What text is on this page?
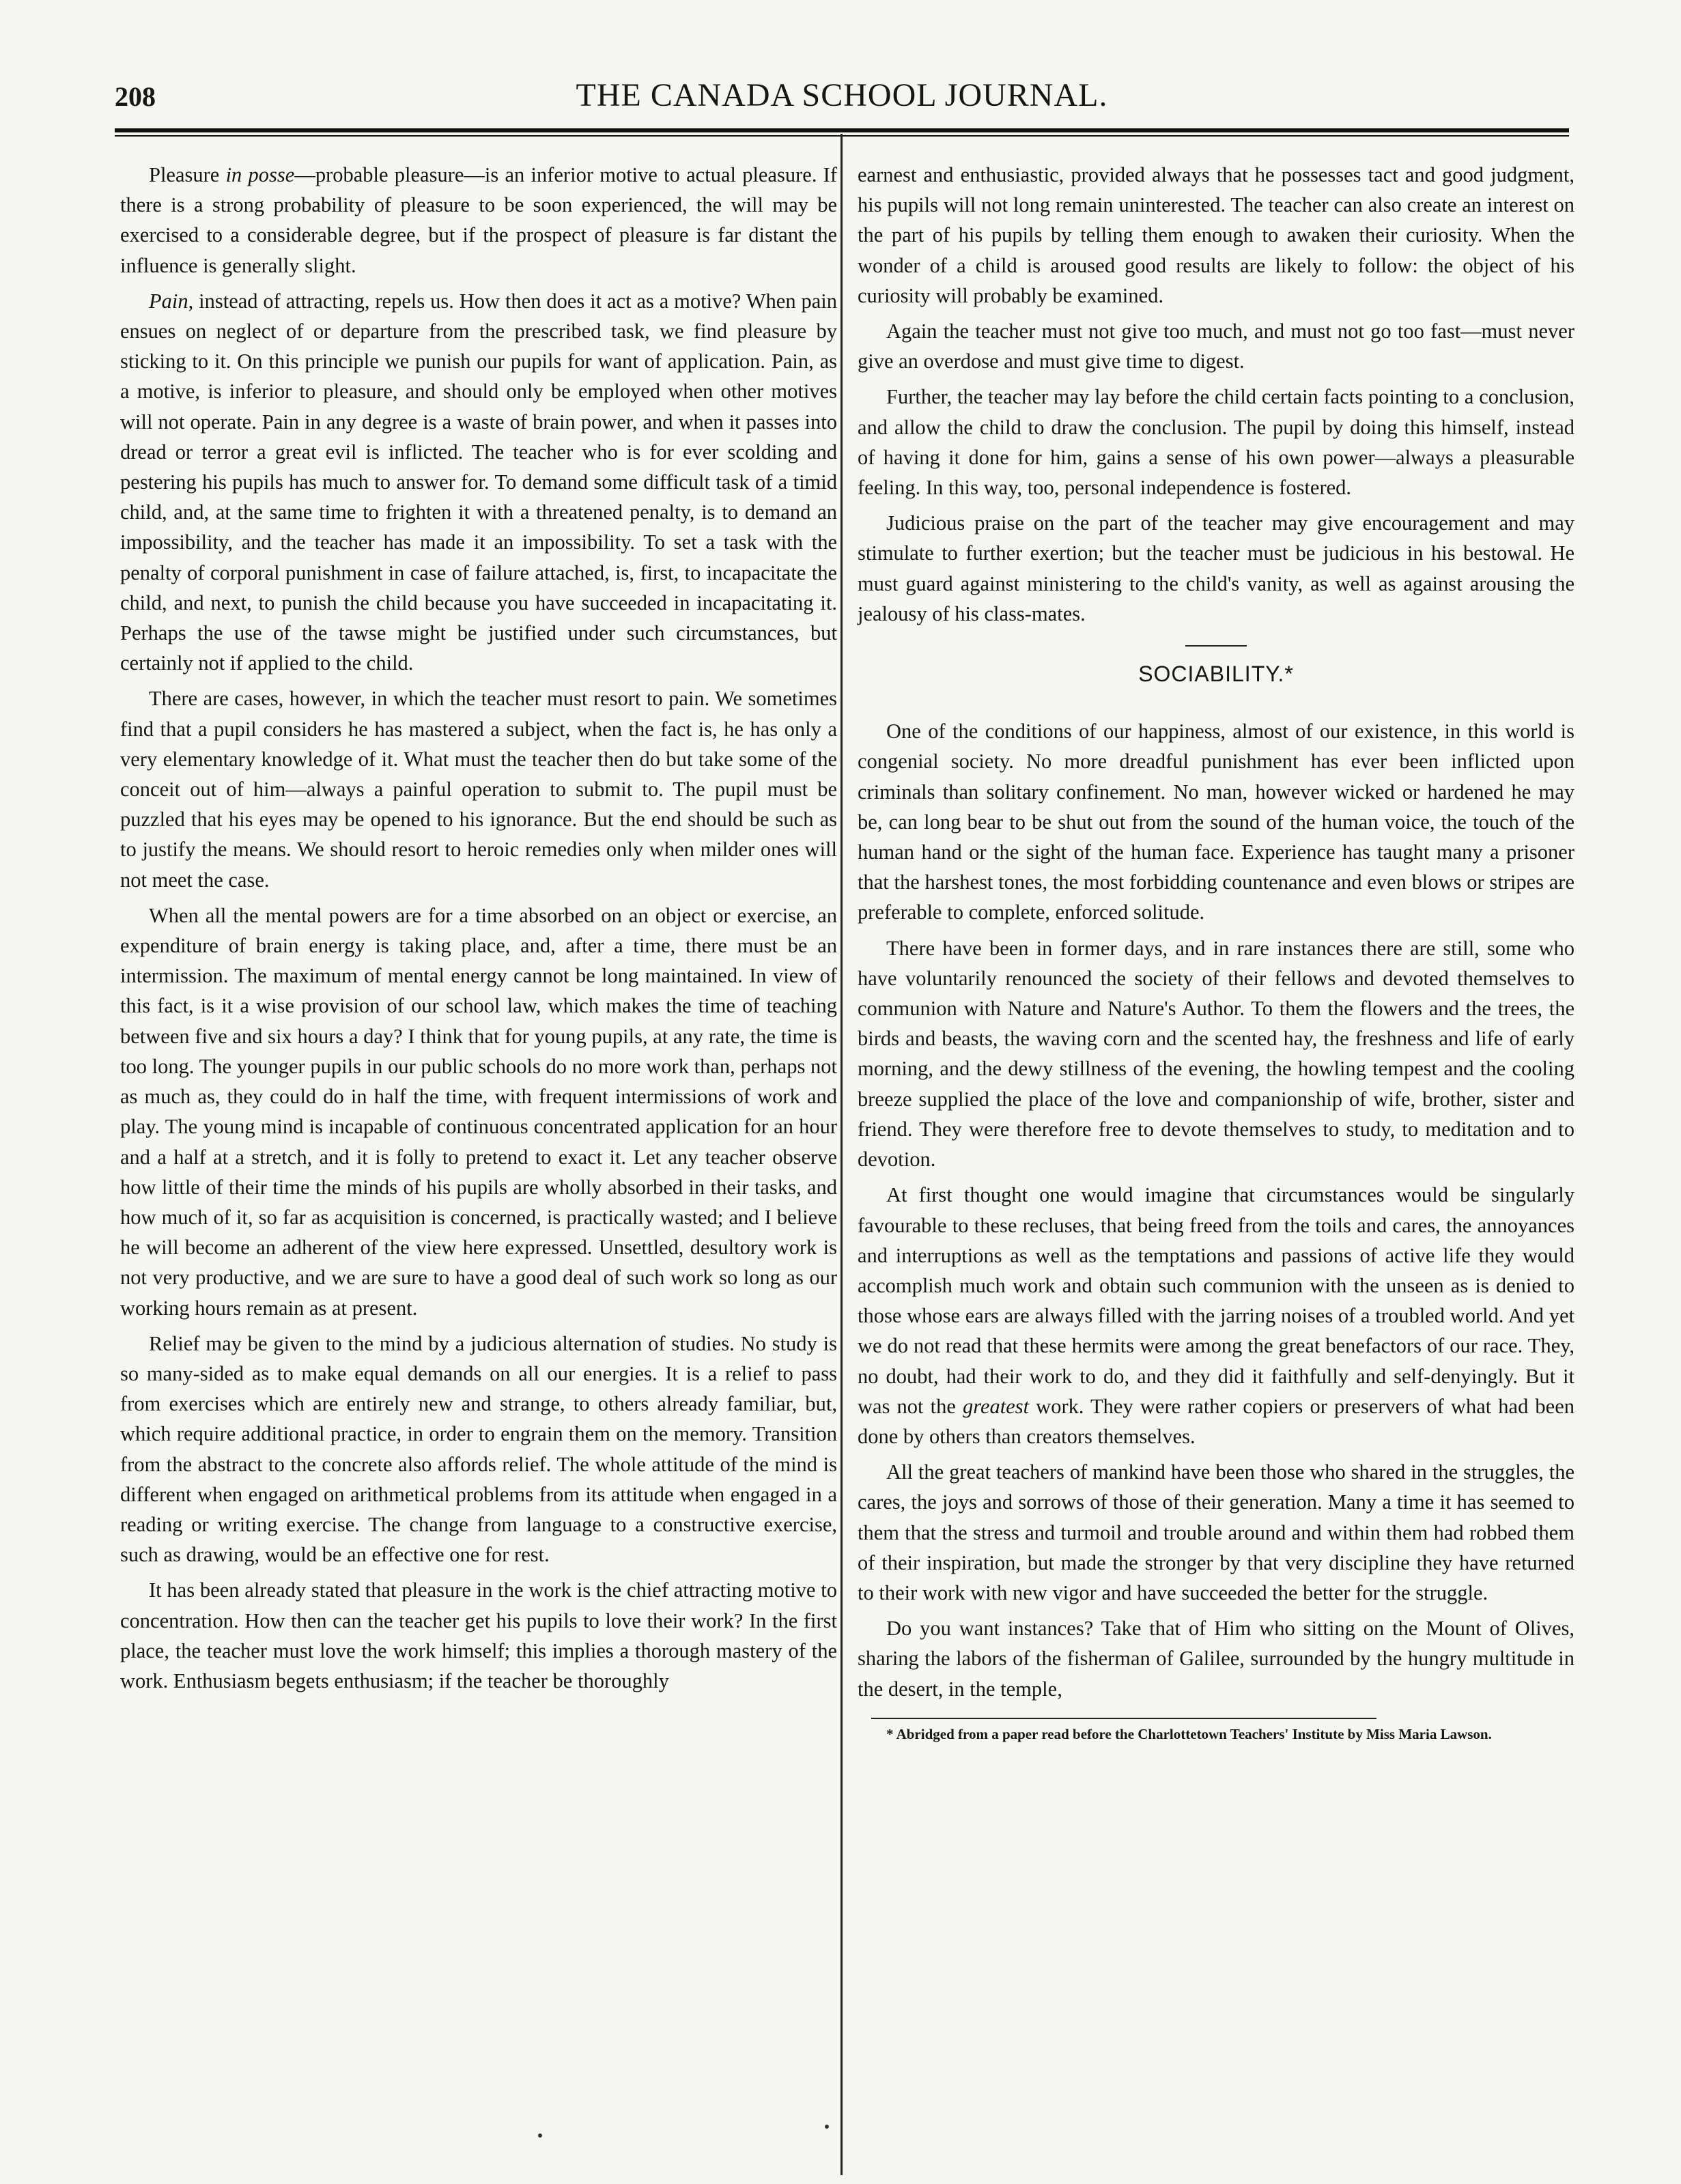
208	THE CANADA SCHOOL JOURNAL.

Pleasure in posse—probable pleasure—is an inferior motive to actual pleasure. If there is a strong probability of pleasure to be soon experienced, the will may be exercised to a considerable degree, but if the prospect of pleasure is far distant the influence is generally slight.

Pain, instead of attracting, repels us. How then does it act as a motive? When pain ensues on neglect of or departure from the prescribed task, we find pleasure by sticking to it. On this principle we punish our pupils for want of application. Pain, as a motive, is inferior to pleasure, and should only be employed when other motives will not operate. Pain in any degree is a waste of brain power, and when it passes into dread or terror a great evil is inflicted. The teacher who is for ever scolding and pestering his pupils has much to answer for. To demand some difficult task of a timid child, and, at the same time to frighten it with a threatened penalty, is to demand an impossibility, and the teacher has made it an impossibility. To set a task with the penalty of corporal punishment in case of failure attached, is, first, to incapacitate the child, and next, to punish the child because you have succeeded in incapacitating it. Perhaps the use of the tawse might be justified under such circumstances, but certainly not if applied to the child.

There are cases, however, in which the teacher must resort to pain. We sometimes find that a pupil considers he has mastered a subject, when the fact is, he has only a very elementary knowledge of it. What must the teacher then do but take some of the conceit out of him—always a painful operation to submit to. The pupil must be puzzled that his eyes may be opened to his ignorance. But the end should be such as to justify the means. We should resort to heroic remedies only when milder ones will not meet the case.

When all the mental powers are for a time absorbed on an object or exercise, an expenditure of brain energy is taking place, and, after a time, there must be an intermission. The maximum of mental energy cannot be long maintained. In view of this fact, is it a wise provision of our school law, which makes the time of teaching between five and six hours a day? I think that for young pupils, at any rate, the time is too long. The younger pupils in our public schools do no more work than, perhaps not as much as, they could do in half the time, with frequent intermissions of work and play. The young mind is incapable of continuous concentrated application for an hour and a half at a stretch, and it is folly to pretend to exact it. Let any teacher observe how little of their time the minds of his pupils are wholly absorbed in their tasks, and how much of it, so far as acquisition is concerned, is practically wasted; and I believe he will become an adherent of the view here expressed. Unsettled, desultory work is not very productive, and we are sure to have a good deal of such work so long as our working hours remain as at present.

Relief may be given to the mind by a judicious alternation of studies. No study is so many-sided as to make equal demands on all our energies. It is a relief to pass from exercises which are entirely new and strange, to others already familiar, but, which require additional practice, in order to engrain them on the memory. Transition from the abstract to the concrete also affords relief. The whole attitude of the mind is different when engaged on arithmetical problems from its attitude when engaged in a reading or writing exercise. The change from language to a constructive exercise, such as drawing, would be an effective one for rest.

It has been already stated that pleasure in the work is the chief attracting motive to concentration. How then can the teacher get his pupils to love their work? In the first place, the teacher must love the work himself; this implies a thorough mastery of the work. Enthusiasm begets enthusiasm; if the teacher be thoroughly

earnest and enthusiastic, provided always that he possesses tact and good judgment, his pupils will not long remain uninterested. The teacher can also create an interest on the part of his pupils by telling them enough to awaken their curiosity. When the wonder of a child is aroused good results are likely to follow: the object of his curiosity will probably be examined.

Again the teacher must not give too much, and must not go too fast—must never give an overdose and must give time to digest.

Further, the teacher may lay before the child certain facts pointing to a conclusion, and allow the child to draw the conclusion. The pupil by doing this himself, instead of having it done for him, gains a sense of his own power—always a pleasurable feeling. In this way, too, personal independence is fostered.

Judicious praise on the part of the teacher may give encouragement and may stimulate to further exertion; but the teacher must be judicious in his bestowal. He must guard against ministering to the child's vanity, as well as against arousing the jealousy of his class-mates.

SOCIABILITY.*

One of the conditions of our happiness, almost of our existence, in this world is congenial society. No more dreadful punishment has ever been inflicted upon criminals than solitary confinement. No man, however wicked or hardened he may be, can long bear to be shut out from the sound of the human voice, the touch of the human hand or the sight of the human face. Experience has taught many a prisoner that the harshest tones, the most forbidding countenance and even blows or stripes are preferable to complete, enforced solitude.

There have been in former days, and in rare instances there are still, some who have voluntarily renounced the society of their fellows and devoted themselves to communion with Nature and Nature's Author. To them the flowers and the trees, the birds and beasts, the waving corn and the scented hay, the freshness and life of early morning, and the dewy stillness of the evening, the howling tempest and the cooling breeze supplied the place of the love and companionship of wife, brother, sister and friend. They were therefore free to devote themselves to study, to meditation and to devotion.

At first thought one would imagine that circumstances would be singularly favourable to these recluses, that being freed from the toils and cares, the annoyances and interruptions as well as the temptations and passions of active life they would accomplish much work and obtain such communion with the unseen as is denied to those whose ears are always filled with the jarring noises of a troubled world. And yet we do not read that these hermits were among the great benefactors of our race. They, no doubt, had their work to do, and they did it faithfully and self-denyingly. But it was not the greatest work. They were rather copiers or preservers of what had been done by others than creators themselves.

All the great teachers of mankind have been those who shared in the struggles, the cares, the joys and sorrows of those of their generation. Many a time it has seemed to them that the stress and turmoil and trouble around and within them had robbed them of their inspiration, but made the stronger by that very discipline they have returned to their work with new vigor and have succeeded the better for the struggle.

Do you want instances? Take that of Him who sitting on the Mount of Olives, sharing the labors of the fisherman of Galilee, surrounded by the hungry multitude in the desert, in the temple,

* Abridged from a paper read before the Charlottetown Teachers' Institute by Miss Maria Lawson.
